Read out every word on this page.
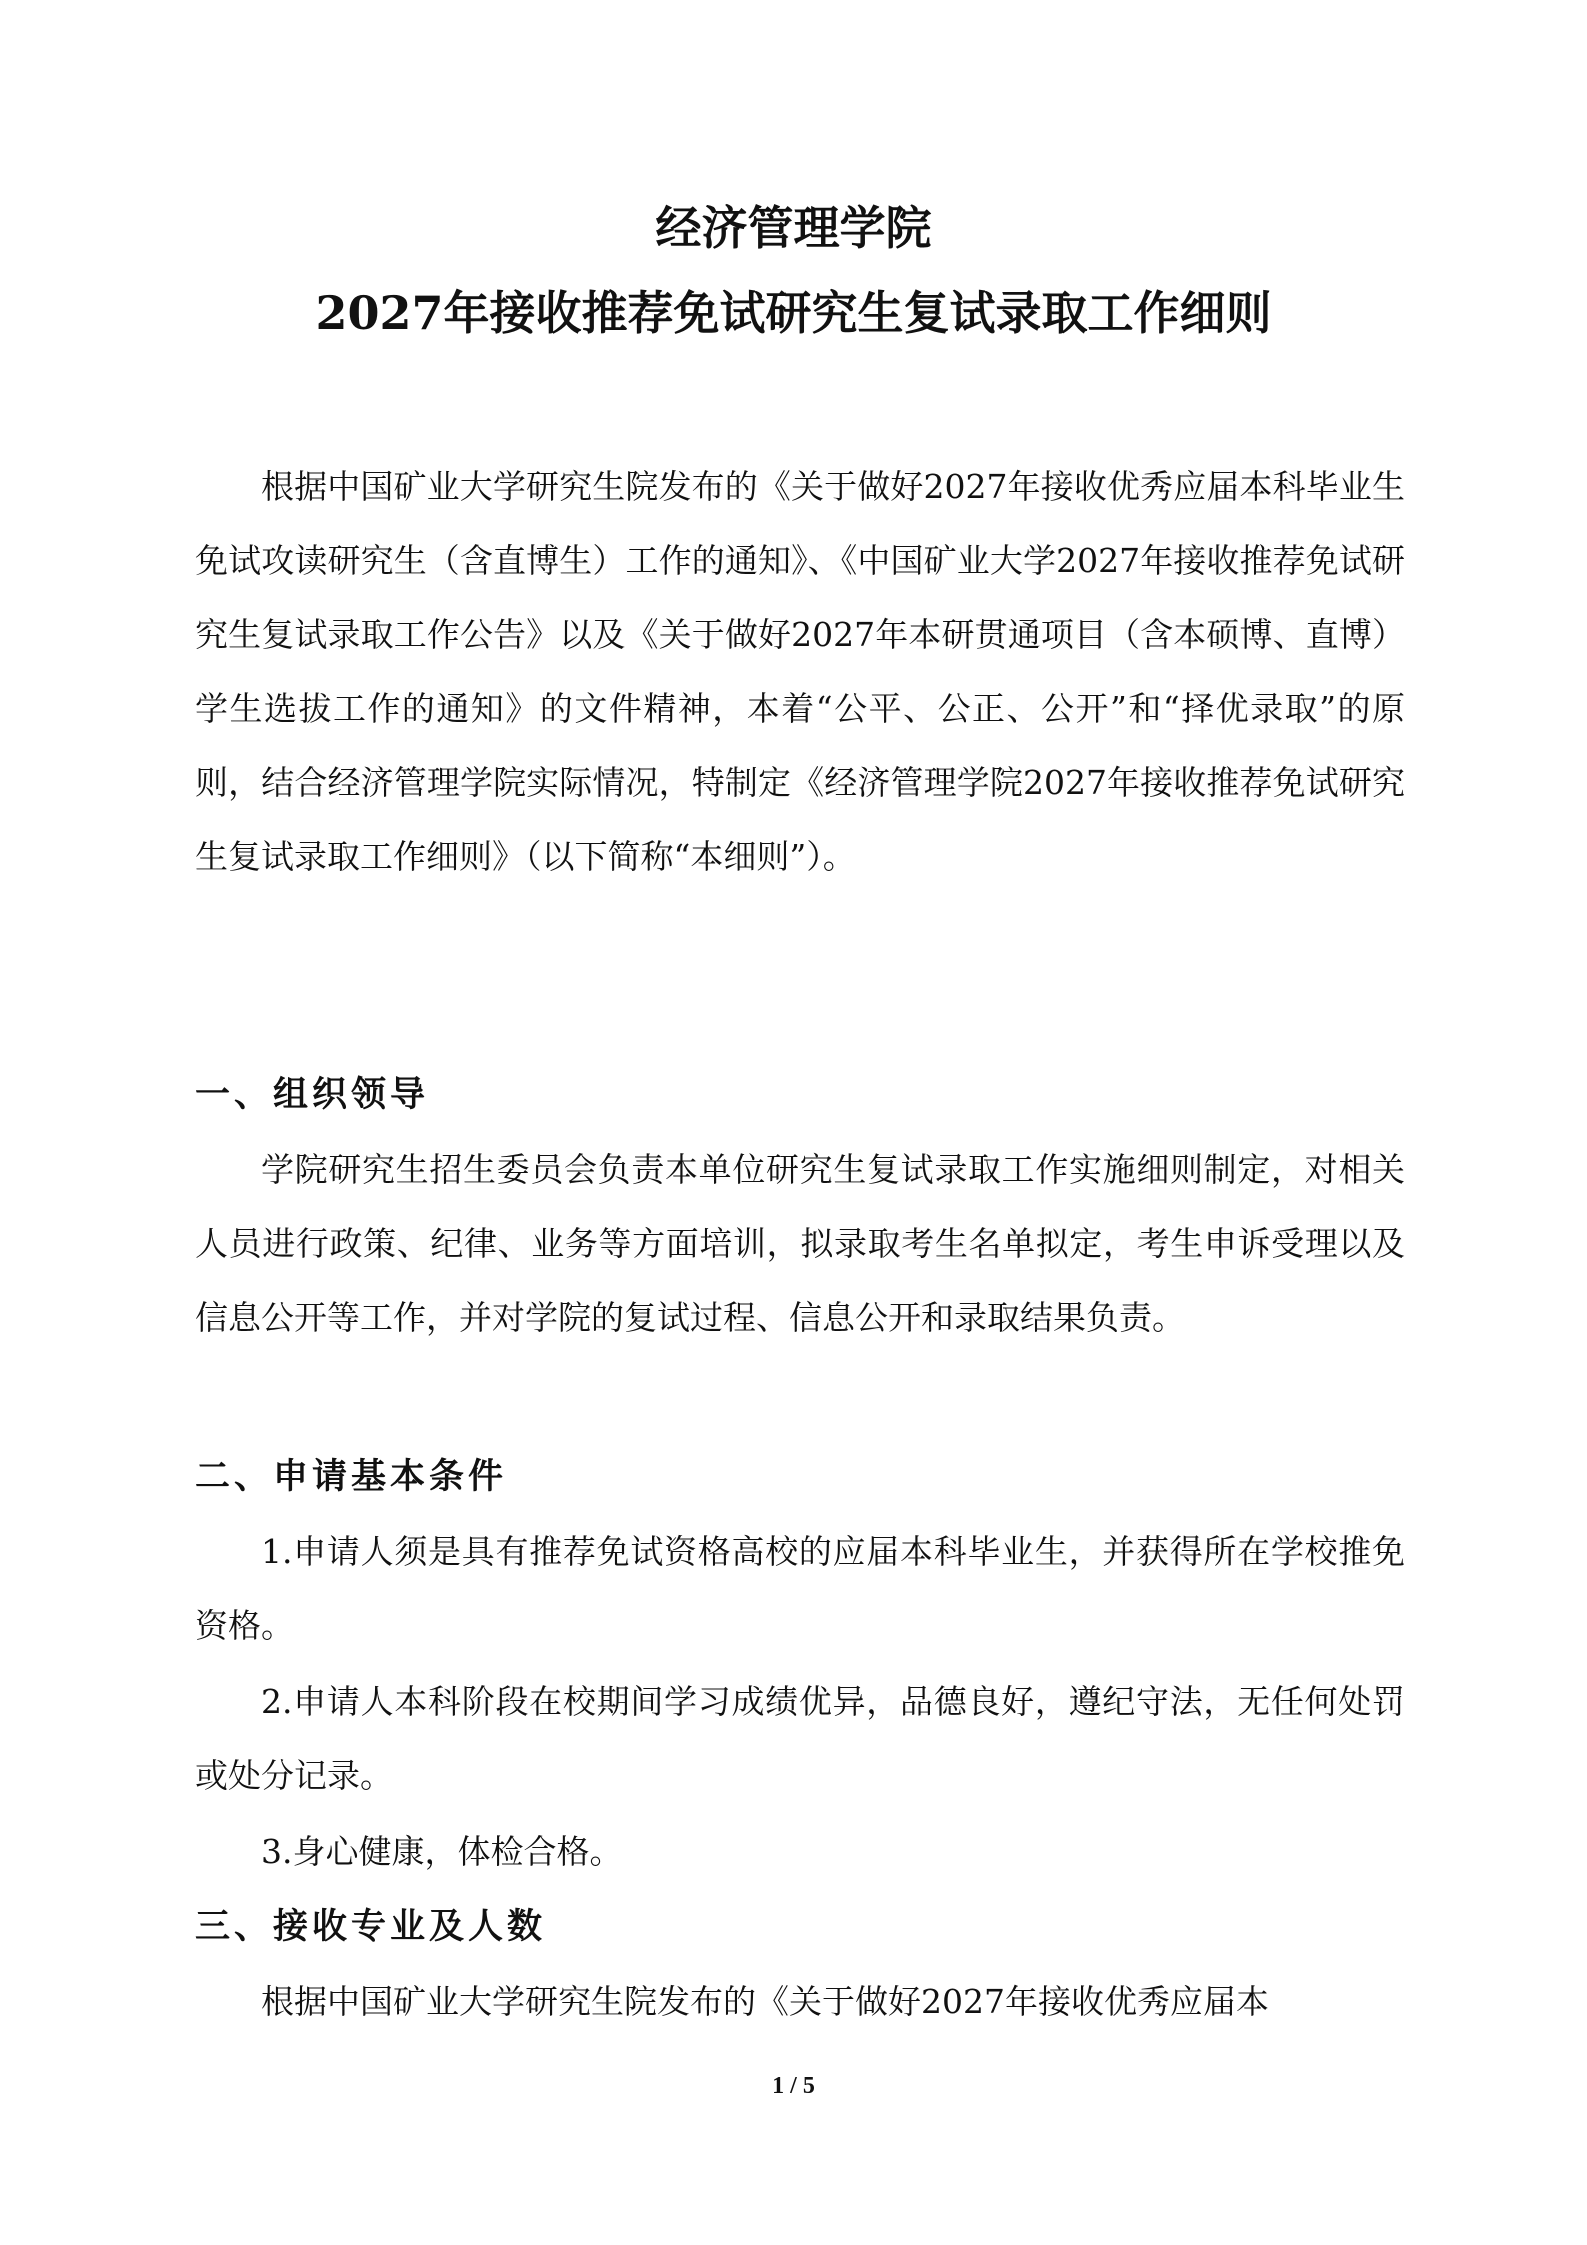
经济管理学院
2027年接收推荐免试研究生复试录取工作细则

根据中国矿业大学研究生院发布的《关于做好2027年接收优秀应届本科毕业生免试攻读研究生（含直博生）工作的通知》、《中国矿业大学2027年接收推荐免试研究生复试录取工作公告》以及《关于做好2027年本研贯通项目（含本硕博、直博）学生选拔工作的通知》的文件精神，本着“公平、公正、公开”和“择优录取”的原则，结合经济管理学院实际情况，特制定《经济管理学院2027年接收推荐免试研究生复试录取工作细则》（以下简称“本细则”）。

一、组织领导

学院研究生招生委员会负责本单位研究生复试录取工作实施细则制定，对相关人员进行政策、纪律、业务等方面培训，拟录取考生名单拟定，考生申诉受理以及信息公开等工作，并对学院的复试过程、信息公开和录取结果负责。

二、申请基本条件

1.申请人须是具有推荐免试资格高校的应届本科毕业生，并获得所在学校推免资格。

2.申请人本科阶段在校期间学习成绩优异，品德良好，遵纪守法，无任何处罚或处分记录。

3.身心健康，体检合格。

三、接收专业及人数

根据中国矿业大学研究生院发布的《关于做好2027年接收优秀应届本

1 / 5
